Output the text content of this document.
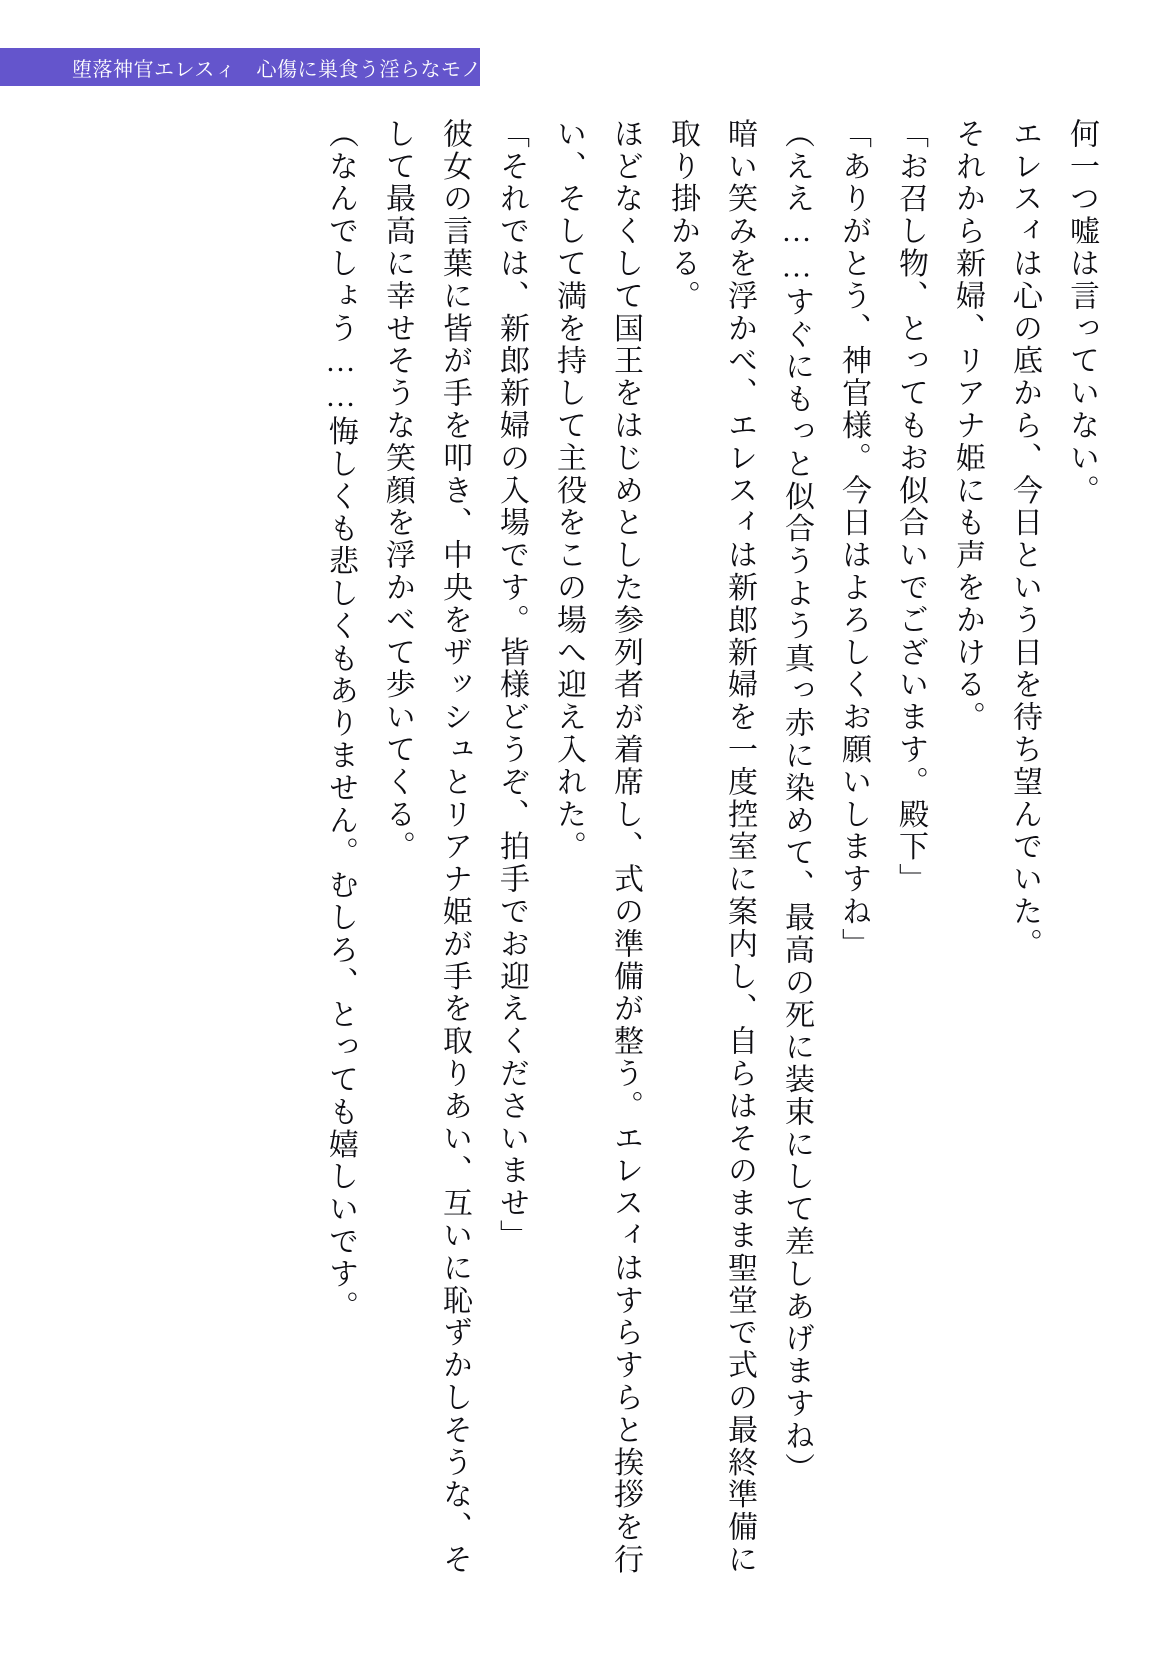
堕落神官エレスィ　心傷に巣食う淫らなモノ

何一つ嘘は言っていない。

エレスィは心の底から、今日という日を待ち望んでいた。

それから新婦、リアナ姫にも声をかける。

「お召し物、とってもお似合いでございます。殿下」

「ありがとう、神官様。今日はよろしくお願いしますね」

（ええ……すぐにもっと似合うよう真っ赤に染めて、最高の死に装束にして差しあげますね）

暗い笑みを浮かべ、エレスィは新郎新婦を一度控室に案内し、自らはそのまま聖堂で式の最終準備に取り掛かる。

ほどなくして国王をはじめとした参列者が着席し、式の準備が整う。エレスィはすらすらと挨拶を行い、そして満を持して主役をこの場へ迎え入れた。

「それでは、新郎新婦の入場です。皆様どうぞ、拍手でお迎えくださいませ」

彼女の言葉に皆が手を叩き、中央をザッシュとリアナ姫が手を取りあい、互いに恥ずかしそうな、そして最高に幸せそうな笑顔を浮かべて歩いてくる。

（なんでしょう……悔しくも悲しくもありません。むしろ、とっても嬉しいです。
